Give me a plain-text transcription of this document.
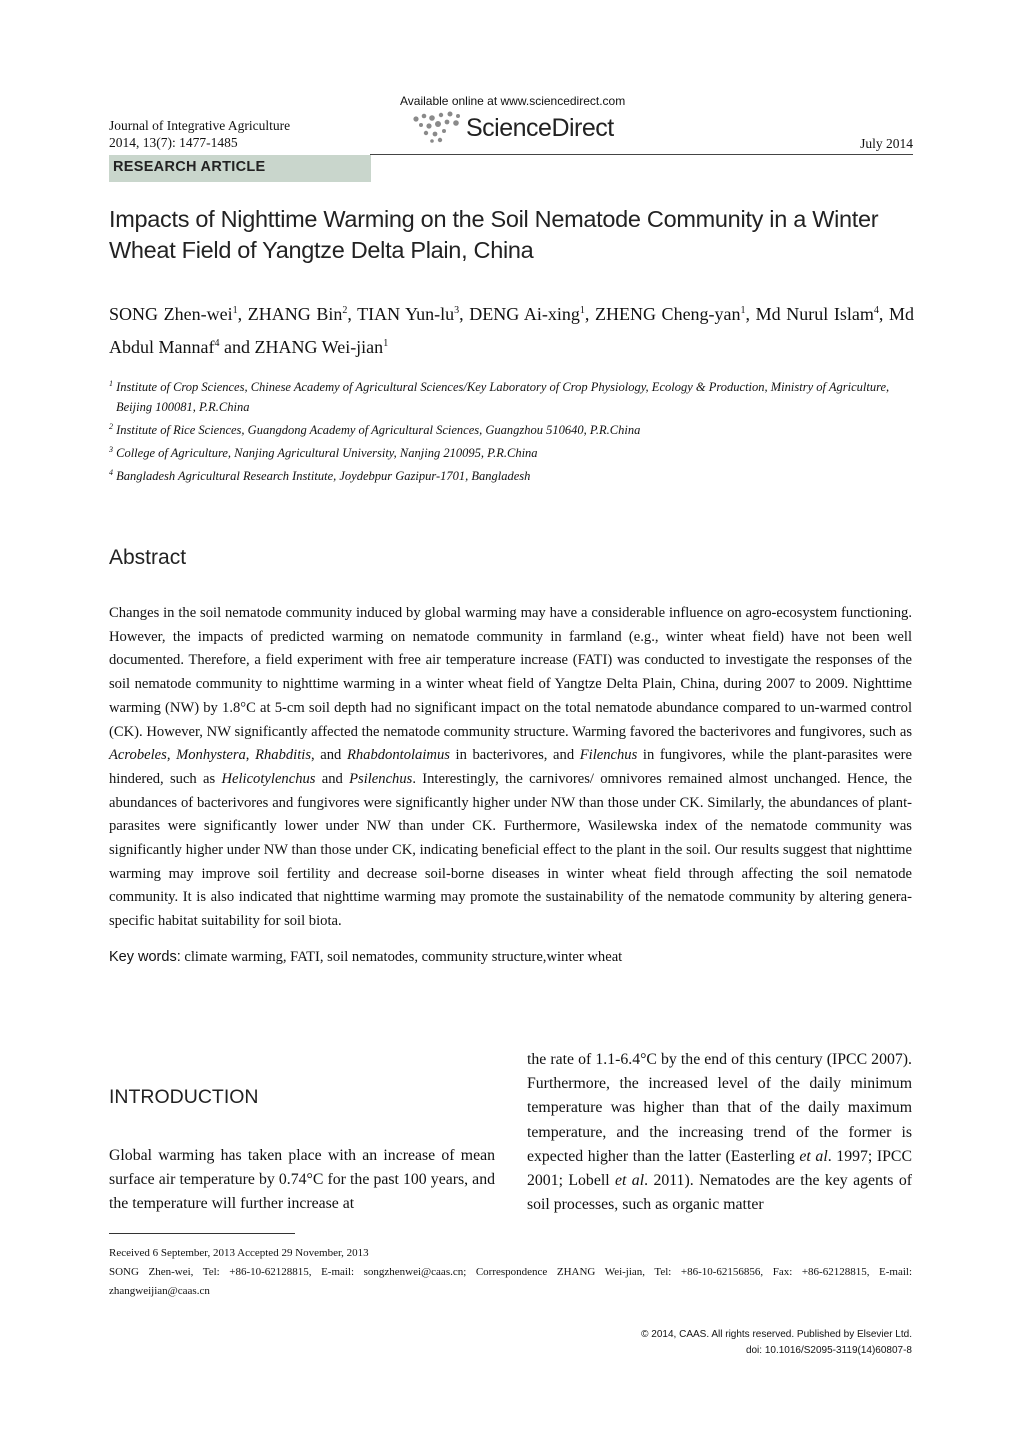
Available online at www.sciencedirect.com
Journal of Integrative Agriculture
2014, 13(7): 1477-1485
ScienceDirect
July 2014
RESEARCH ARTICLE
Impacts of Nighttime Warming on the Soil Nematode Community in a Winter Wheat Field of Yangtze Delta Plain, China
SONG Zhen-wei$^1$, ZHANG Bin$^2$, TIAN Yun-$lu^3$, DENG Ai-xing$^1$, ZHENG Cheng-yan$^1$, Md Nurul Islam$^4$, Md Abdul Mannaf$^4$ and ZHANG Wei-jian$^1$
$^1$ Institute of Crop Sciences, Chinese Academy of Agricultural Sciences/Key Laboratory of Crop Physiology, Ecology & Production, Ministry of Agriculture, Beijing 100081, P.R.China
$^2$ Institute of Rice Sciences, Guangdong Academy of Agricultural Sciences, Guangzhou 510640, P.R.China
$^3$ College of Agriculture, Nanjing Agricultural University, Nanjing 210095, P.R.China
$^4$ Bangladesh Agricultural Research Institute, Joydebpur Gazipur-1701, Bangladesh
Abstract
Changes in the soil nematode community induced by global warming may have a considerable influence on agro-ecosystem functioning. However, the impacts of predicted warming on nematode community in farmland (e.g., winter wheat field) have not been well documented. Therefore, a field experiment with free air temperature increase (FATI) was conducted to investigate the responses of the soil nematode community to nighttime warming in a winter wheat field of Yangtze Delta Plain, China, during 2007 to 2009. Nighttime warming (NW) by 1.8°C at 5-cm soil depth had no significant impact on the total nematode abundance compared to un-warmed control (CK). However, NW significantly affected the nematode community structure. Warming favored the bacterivores and fungivores, such as Acrobeles, Monhystera, Rhabditis, and Rhabdontolaimus in bacterivores, and Filenchus in fungivores, while the plant-parasites were hindered, such as Helicotylenchus and Psilenchus. Interestingly, the carnivores/ omnivores remained almost unchanged. Hence, the abundances of bacterivores and fungivores were significantly higher under NW than those under CK. Similarly, the abundances of plant-parasites were significantly lower under NW than under CK. Furthermore, Wasilewska index of the nematode community was significantly higher under NW than those under CK, indicating beneficial effect to the plant in the soil. Our results suggest that nighttime warming may improve soil fertility and decrease soil-borne diseases in winter wheat field through affecting the soil nematode community. It is also indicated that nighttime warming may promote the sustainability of the nematode community by altering genera-specific habitat suitability for soil biota.
Key words: climate warming, FATI, soil nematodes, community structure,winter wheat
INTRODUCTION
Global warming has taken place with an increase of mean surface air temperature by 0.74°C for the past 100 years, and the temperature will further increase at
the rate of 1.1-6.4°C by the end of this century (IPCC 2007). Furthermore, the increased level of the daily minimum temperature was higher than that of the daily maximum temperature, and the increasing trend of the former is expected higher than the latter (Easterling et al. 1997; IPCC 2001; Lobell et al. 2011). Nematodes are the key agents of soil processes, such as organic matter
Received 6 September, 2013 Accepted 29 November, 2013
SONG Zhen-wei, Tel: +86-10-62128815, E-mail: songzhenwei@caas.cn; Correspondence ZHANG Wei-jian, Tel: +86-10-62156856, Fax: +86-62128815, E-mail: zhangweijian@caas.cn
© 2014, CAAS. All rights reserved. Published by Elsevier Ltd.
doi: 10.1016/S2095-3119(14)60807-8
